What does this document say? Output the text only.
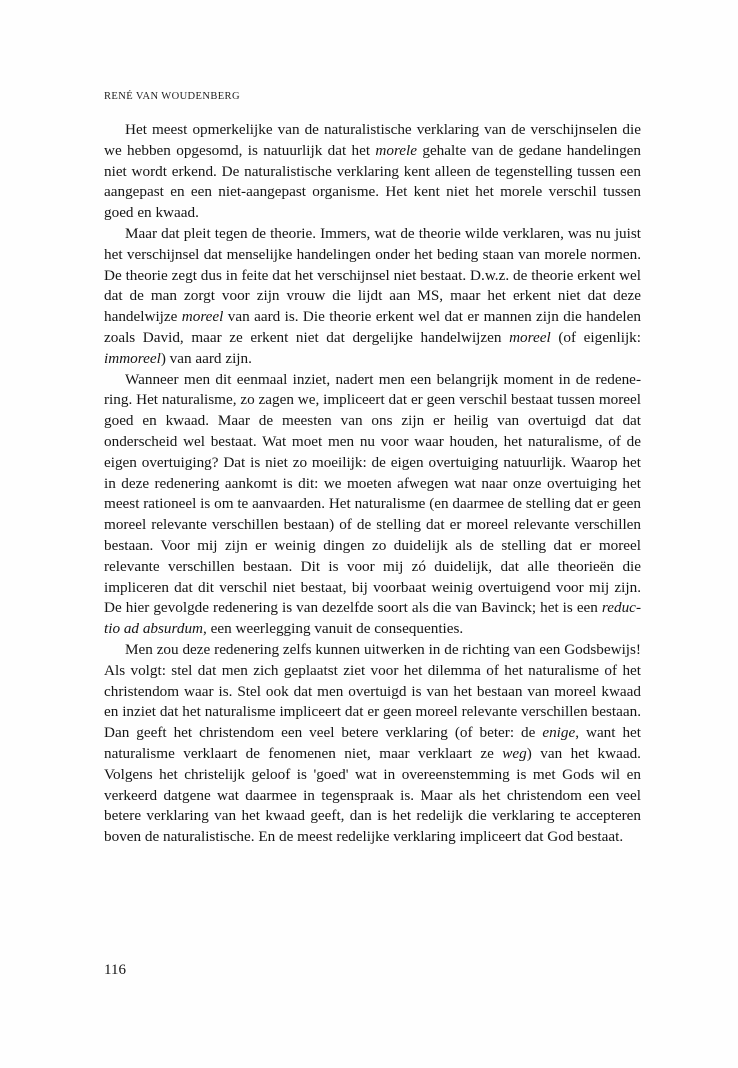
RENÉ VAN WOUDENBERG

Het meest opmerkelijke van de naturalistische verklaring van de verschijnselen die we hebben opgesomd, is natuurlijk dat het morele gehalte van de gedane handelingen niet wordt erkend. De naturalistische verklaring kent alleen de tegenstelling tussen een aangepast en een niet-aangepast organisme. Het kent niet het morele verschil tussen goed en kwaad.

Maar dat pleit tegen de theorie. Immers, wat de theorie wilde verklaren, was nu juist het verschijnsel dat menselijke handelingen onder het beding staan van morele normen. De theorie zegt dus in feite dat het verschijnsel niet bestaat. D.w.z. de theorie erkent wel dat de man zorgt voor zijn vrouw die lijdt aan MS, maar het erkent niet dat deze handelwijze moreel van aard is. Die theorie erkent wel dat er mannen zijn die handelen zoals David, maar ze erkent niet dat dergelijke handelwijzen moreel (of eigenlijk: immoreel) van aard zijn.

Wanneer men dit eenmaal inziet, nadert men een belangrijk moment in de redenering. Het naturalisme, zo zagen we, impliceert dat er geen verschil bestaat tussen moreel goed en kwaad. Maar de meesten van ons zijn er heilig van overtuigd dat dat onderscheid wel bestaat. Wat moet men nu voor waar houden, het naturalisme, of de eigen overtuiging? Dat is niet zo moeilijk: de eigen overtuiging natuurlijk. Waarop het in deze redenering aankomt is dit: we moeten afwegen wat naar onze overtuiging het meest rationeel is om te aanvaarden. Het naturalisme (en daarmee de stelling dat er geen moreel relevante verschillen bestaan) of de stelling dat er moreel relevante verschillen bestaan. Voor mij zijn er weinig dingen zo duidelijk als de stelling dat er moreel relevante verschillen bestaan. Dit is voor mij zó duidelijk, dat alle theorieën die impliceren dat dit verschil niet bestaat, bij voorbaat weinig overtuigend voor mij zijn. De hier gevolgde redenering is van dezelfde soort als die van Bavinck; het is een reductio ad absurdum, een weerlegging vanuit de consequenties.

Men zou deze redenering zelfs kunnen uitwerken in de richting van een Godsbewijs! Als volgt: stel dat men zich geplaatst ziet voor het dilemma of het naturalisme of het christendom waar is. Stel ook dat men overtuigd is van het bestaan van moreel kwaad en inziet dat het naturalisme impliceert dat er geen moreel relevante verschillen bestaan. Dan geeft het christendom een veel betere verklaring (of beter: de enige, want het naturalisme verklaart de fenomenen niet, maar verklaart ze weg) van het kwaad. Volgens het christelijk geloof is 'goed' wat in overeenstemming is met Gods wil en verkeerd datgene wat daarmee in tegenspraak is. Maar als het christendom een veel betere verklaring van het kwaad geeft, dan is het redelijk die verklaring te accepteren boven de naturalistische. En de meest redelijke verklaring impliceert dat God bestaat.

116
